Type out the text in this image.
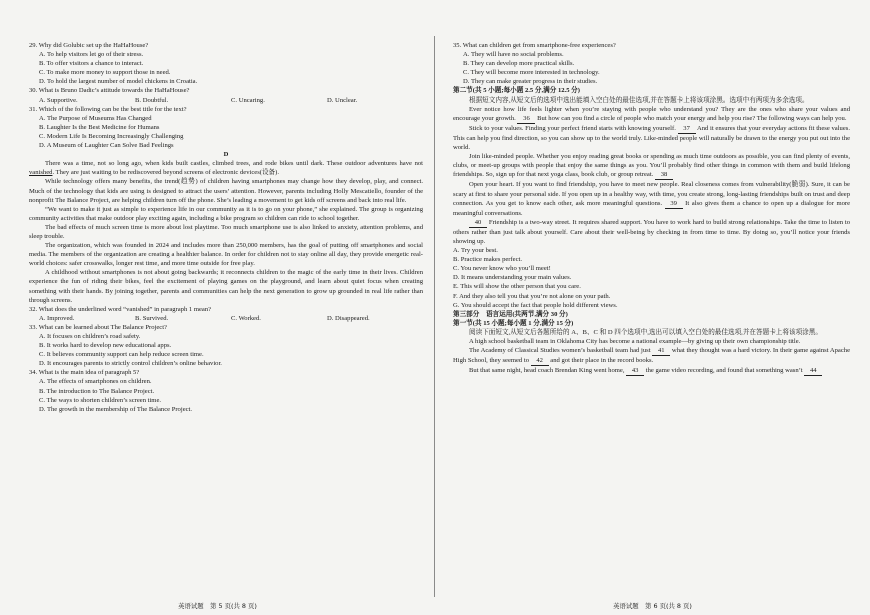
29. Why did Golubic set up the HaHaHouse?

A. To help visitors let go of their stress.

B. To offer visitors a chance to interact.

C. To make more money to support those in need.

D. To hold the largest number of model chickens in Croatia.

30. What is Bruno Dadic’s attitude towards the HaHaHouse?

A. Supportive.	B. Doubtful.	C. Uncaring.	D. Unclear.

31. Which of the following can be the best title for the text?

A. The Purpose of Museums Has Changed

B. Laughter Is the Best Medicine for Humans

C. Modern Life Is Becoming Increasingly Challenging

D. A Museum of Laughter Can Solve Bad Feelings

D

There was a time, not so long ago, when kids built castles, climbed trees, and rode bikes until dark. These outdoor adventures have not vanished. They are just waiting to be rediscovered beyond screens of electronic devices(设备).

While technology offers many benefits, the trend(趋势) of children having smartphones may change how they develop, play, and connect. Much of the technology that kids are using is designed to attract the users’ attention. However, parents including Holly Mescatiello, founder of the nonprofit The Balance Project, are helping children turn off the phone. She’s leading a movement to get kids off screens and back into real life.

“We want to make it just as simple to experience life in our community as it is to go on your phone,” she explained. The group is organizing community activities that make outdoor play exciting again, including a bike program so children can ride to school together.

The bad effects of much screen time is more about lost playtime. Too much smartphone use is also linked to anxiety, attention problems, and sleep trouble.

The organization, which was founded in 2024 and includes more than 250,000 members, has the goal of putting off smartphones and social media. The members of the organization are creating a healthier balance. In order for children not to stay online all day, they provide energetic real-world choices: safer crosswalks, longer rest time, and more time outside for free play.

A childhood without smartphones is not about going backwards; it reconnects children to the magic of the early time in their lives. Children experience the fun of riding their bikes, feel the excitement of playing games on the playground, and learn about quiet focus when creating something with their hands. By joining together, parents and communities can help the next generation to grow up grounded in real life rather than through screens.

32. What does the underlined word “vanished” in paragraph 1 mean?

A. Improved.	B. Survived.	C. Worked.	D. Disappeared.

33. What can be learned about The Balance Project?

A. It focuses on children’s road safety.

B. It works hard to develop new educational apps.

C. It believes community support can help reduce screen time.

D. It encourages parents to strictly control children’s online behavior.

34. What is the main idea of paragraph 5?

A. The effects of smartphones on children.

B. The introduction to The Balance Project.

C. The ways to shorten children’s screen time.

D. The growth in the membership of The Balance Project.

英语试题　第 5 页(共 8 页)

35. What can children get from smartphone-free experiences?

A. They will have no social problems.

B. They can develop more practical skills.

C. They will become more interested in technology.

D. They can make greater progress in their studies.

第二节(共 5 小题;每小题 2.5 分,满分 12.5 分)

根据短文内容,从短文后的选项中选出能填入空白处的最佳选项,并在答题卡上将该项涂黑。选项中有两项为多余选项。

Ever notice how life feels lighter when you’re staying with people who understand you? They are the ones who share your values and encourage your growth. 36 But how can you find a circle of people who match your energy and help you rise? The following ways can help you.

Stick to your values. Finding your perfect friend starts with knowing yourself. 37 And it ensures that your everyday actions fit these values. This can help you find direction, so you can show up to the world truly. Like-minded people will naturally be drawn to the energy you put out into the world.

Join like-minded people. Whether you enjoy reading great books or spending as much time outdoors as possible, you can find plenty of events, clubs, or meet-up groups with people that enjoy the same things as you. You’ll probably find other things in common with them and build lifelong friendships. So, sign up for that next yoga class, book club, or group retreat. 38

Open your heart. If you want to find friendship, you have to meet new people. Real closeness comes from vulnerability(脆弱). Sure, it can be scary at first to share your personal side. If you open up in a healthy way, with time, you create strong, long-lasting friendships built on trust and deep connection. As you get to know each other, ask more meaningful questions. 39 It also gives them a chance to open up a dialogue for more meaningful conversations.

40 Friendship is a two-way street. It requires shared support. You have to work hard to build strong relationships. Take the time to listen to others rather than just talk about yourself. Care about their well-being by checking in from time to time. By doing so, you’ll notice your friends showing up.

A. Try your best.

B. Practice makes perfect.

C. You never know who you’ll meet!

D. It means understanding your main values.

E. This will show the other person that you care.

F. And they also tell you that you’re not alone on your path.

G. You should accept the fact that people hold different views.

第三部分　语言运用(共两节,满分 30 分)

第一节(共 15 小题;每小题 1 分,满分 15 分)

阅读下面短文,从短文后各题所给的 A、B、C 和 D 四个选项中,选出可以填入空白处的最佳选项,并在答题卡上将该项涂黑。

A high school basketball team in Oklahoma City has become a national example—by giving up their own championship title.

The Academy of Classical Studies women’s basketball team had just 41 what they thought was a hard victory. In their game against Apache High School, they seemed to 42 and got their place in the record books.

But that same night, head coach Brendan King went home, 43 the game video recording, and found that something wasn’t 44

英语试题　第 6 页(共 8 页)
